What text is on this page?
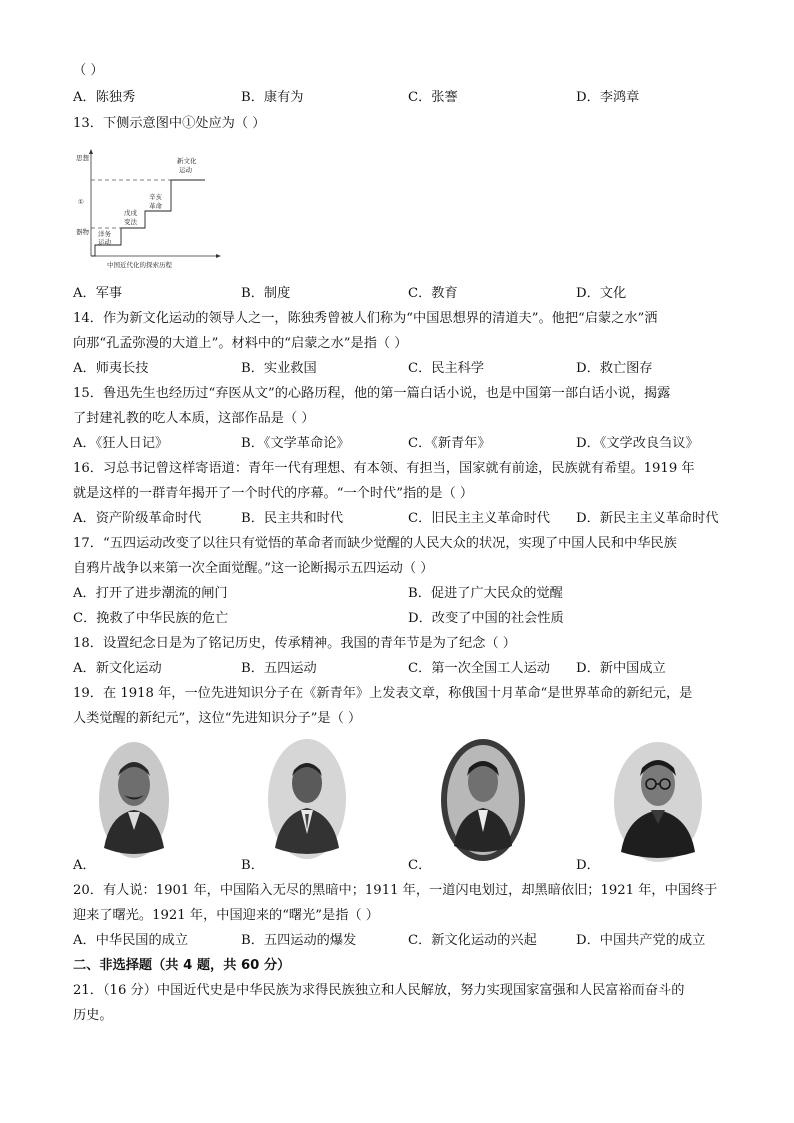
（ ）
A．陈独秀	B．康有为	C．张謇	D．李鸿章
13．下侧示意图中①处应为（ ）
思想
①
器物 洋务
运动
戊戌
变法
辛亥
革命
新文化
运动
中国近代化的探索历程
A．军事	B．制度	C．教育	D．文化
14．作为新文化运动的领导人之一，陈独秀曾被人们称为“中国思想界的清道夫”。他把“启蒙之水”洒
向那“孔孟弥漫的大道上”。材料中的“启蒙之水”是指（ ）
A．师夷长技	B．实业救国	C．民主科学	D．救亡图存
15．鲁迅先生也经历过“弃医从文”的心路历程，他的第一篇白话小说，也是中国第一部白话小说，揭露
了封建礼教的吃人本质，这部作品是（ ）
A．《狂人日记》	B．《文学革命论》	C．《新青年》	D．《文学改良刍议》
16．习总书记曾这样寄语道：青年一代有理想、有本领、有担当，国家就有前途，民族就有希望。1919 年
就是这样的一群青年揭开了一个时代的序幕。“一个时代”指的是（ ）
A．资产阶级革命时代	B．民主共和时代	C．旧民主主义革命时代 D．新民主主义革命时代
17．“五四运动改变了以往只有觉悟的革命者而缺少觉醒的人民大众的状况，实现了中国人民和中华民族
自鸦片战争以来第一次全面觉醒。”这一论断揭示五四运动（ ）
A．打开了进步潮流的闸门	B．促进了广大民众的觉醒
C．挽救了中华民族的危亡	D．改变了中国的社会性质
18．设置纪念日是为了铭记历史，传承精神。我国的青年节是为了纪念（ ）
A．新文化运动	B．五四运动	C．第一次全国工人运动 D．新中国成立
19．在 1918 年，一位先进知识分子在《新青年》上发表文章，称俄国十月革命“是世界革命的新纪元，是
人类觉醒的新纪元”，这位“先进知识分子”是（ ）
A．	B．	C．	D．
20．有人说：1901 年，中国陷入无尽的黑暗中；1911 年，一道闪电划过，却黑暗依旧；1921 年，中国终于
迎来了曙光。1921 年，中国迎来的“曙光”是指（ ）
A．中华民国的成立	B．五四运动的爆发	C．新文化运动的兴起	D．中国共产党的成立
二、非选择题（共 4 题，共 60 分）
21．（16 分）中国近代史是中华民族为求得民族独立和人民解放，努力实现国家富强和人民富裕而奋斗的
历史。
